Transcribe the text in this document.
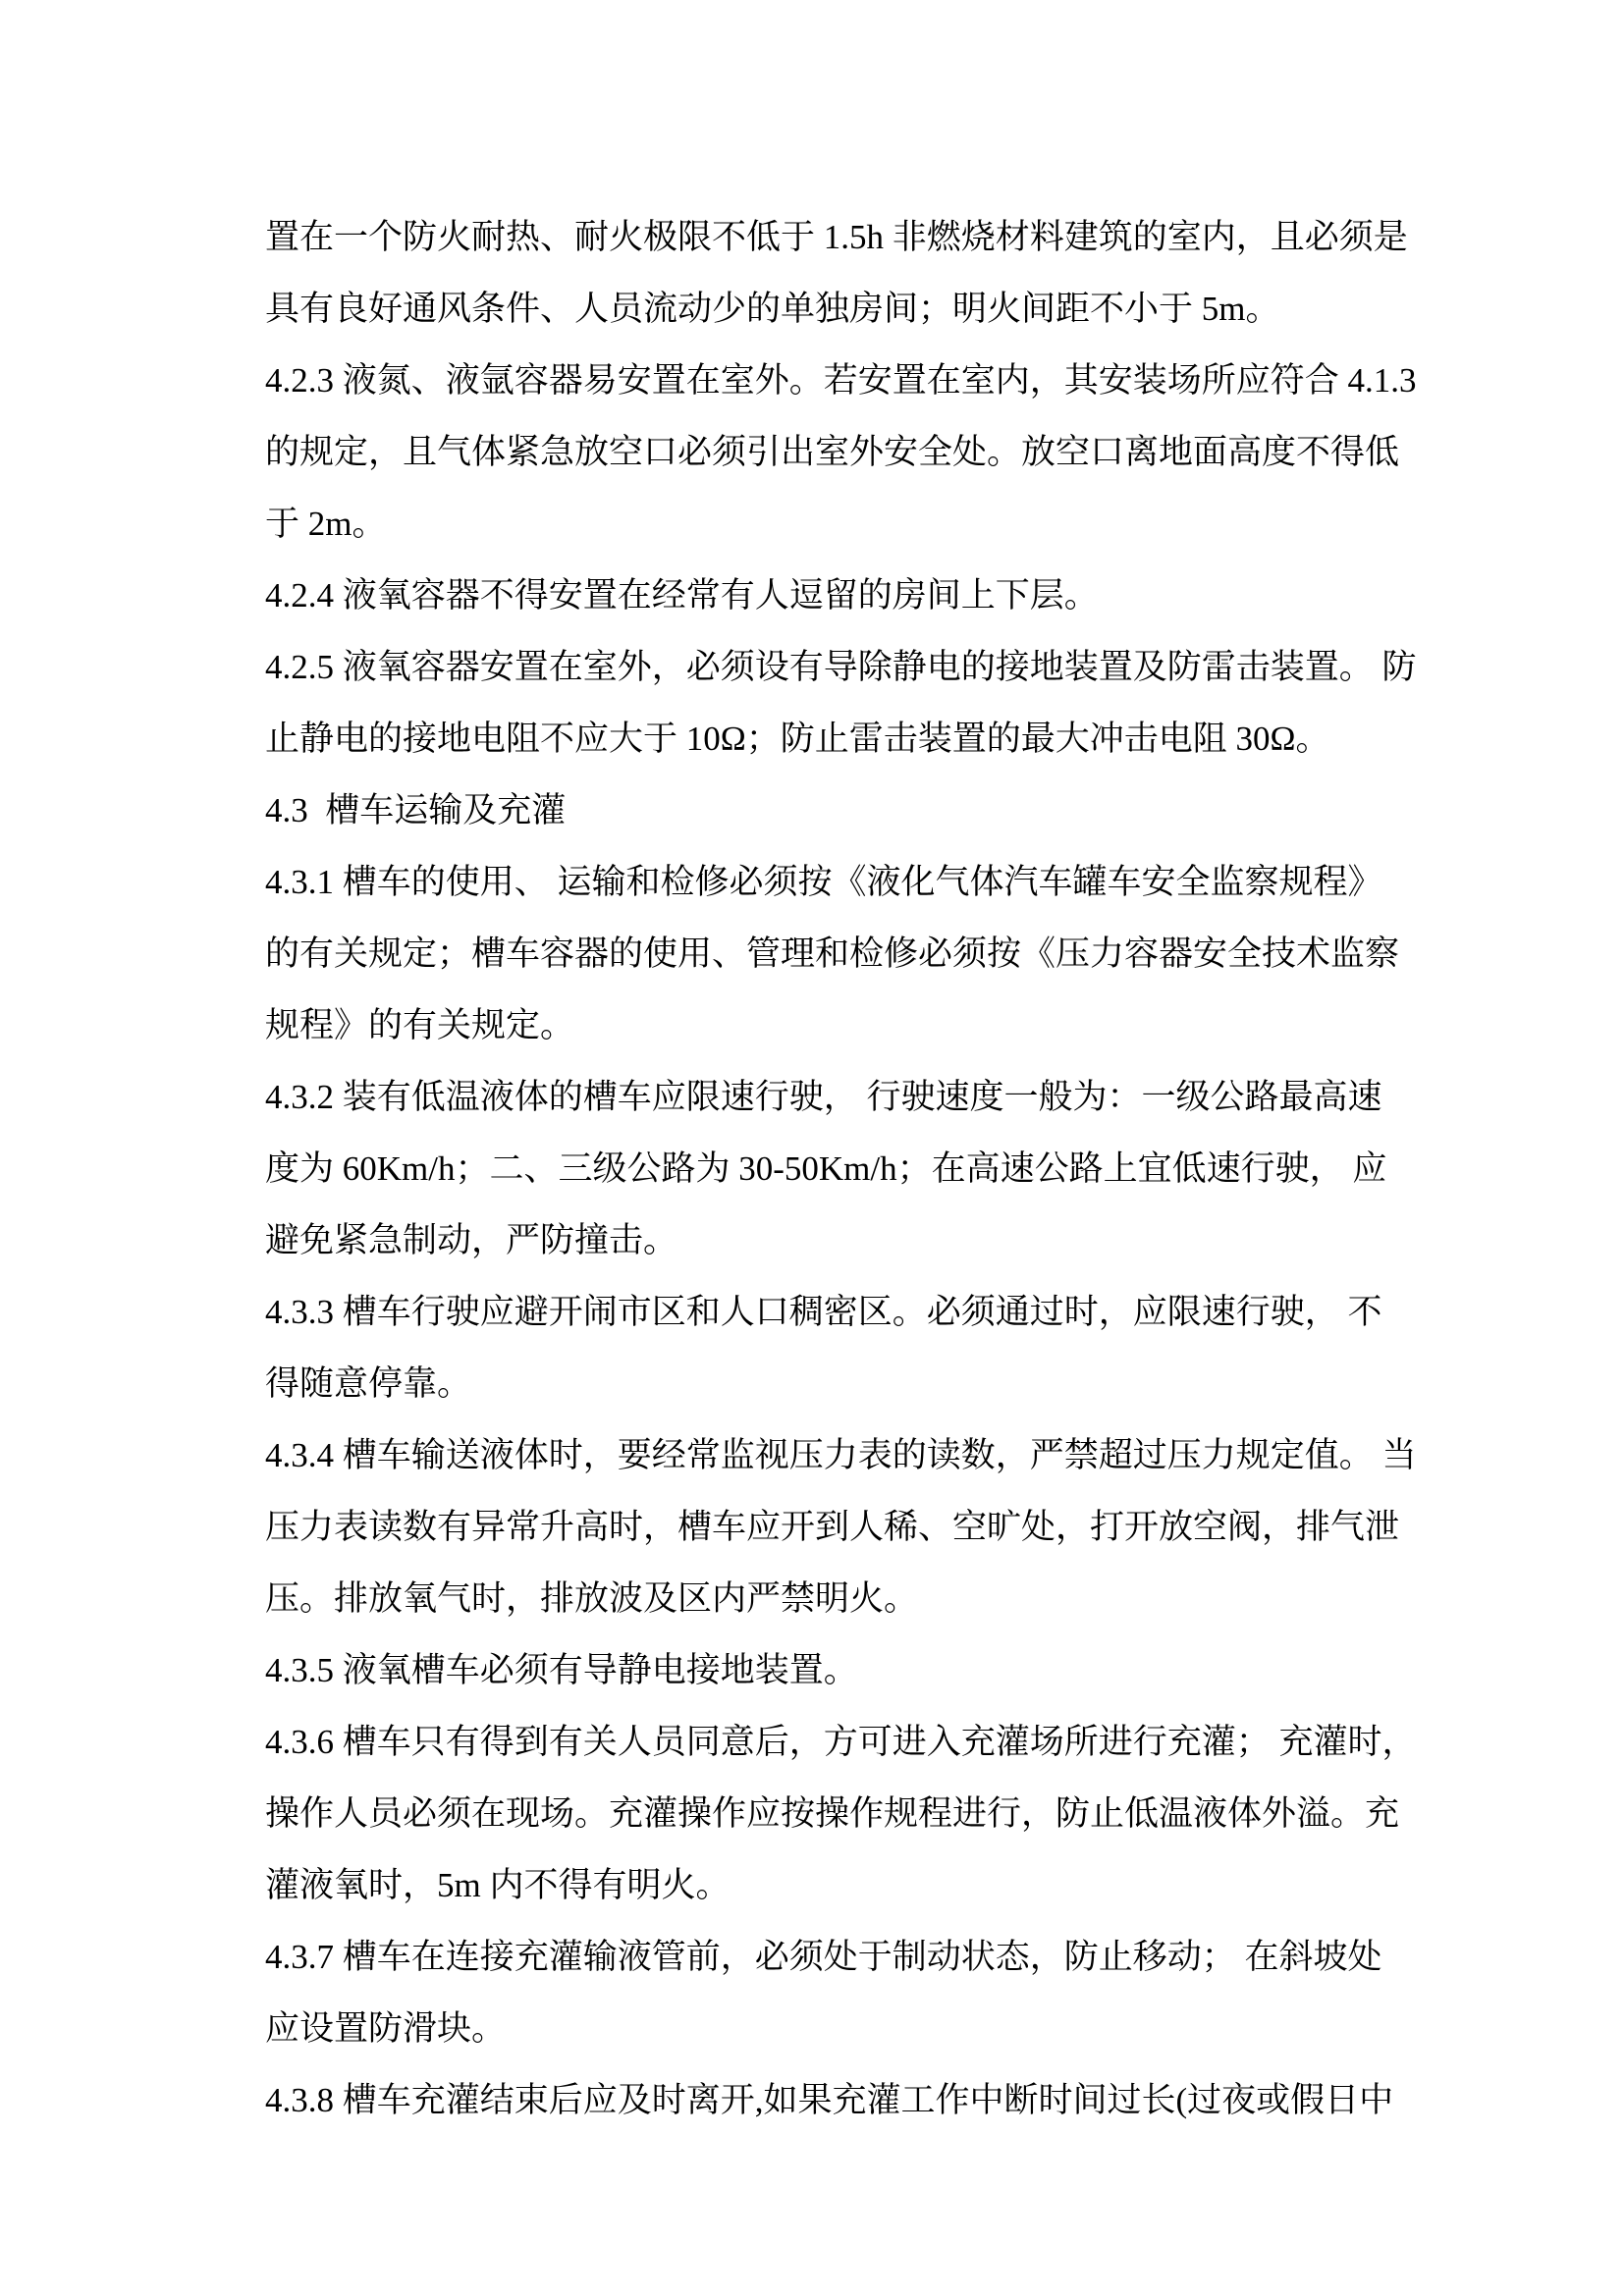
置在一个防火耐热、耐火极限不低于 1.5h 非燃烧材料建筑的室内，且必须是
具有良好通风条件、人员流动少的单独房间；明火间距不小于 5m。
4.2.3 液氮、液氩容器易安置在室外。若安置在室内，其安装场所应符合 4.1.3
的规定，且气体紧急放空口必须引出室外安全处。放空口离地面高度不得低
于 2m。
4.2.4 液氧容器不得安置在经常有人逗留的房间上下层。
4.2.5 液氧容器安置在室外，必须设有导除静电的接地装置及防雷击装置。 防
止静电的接地电阻不应大于 10Ω；防止雷击装置的最大冲击电阻 30Ω。
4.3  槽车运输及充灌
4.3.1 槽车的使用、 运输和检修必须按《液化气体汽车罐车安全监察规程》
的有关规定；槽车容器的使用、管理和检修必须按《压力容器安全技术监察
规程》的有关规定。
4.3.2 装有低温液体的槽车应限速行驶， 行驶速度一般为：一级公路最高速
度为 60Km/h；二、三级公路为 30-50Km/h；在高速公路上宜低速行驶， 应
避免紧急制动，严防撞击。
4.3.3 槽车行驶应避开闹市区和人口稠密区。必须通过时，应限速行驶， 不
得随意停靠。
4.3.4 槽车输送液体时，要经常监视压力表的读数，严禁超过压力规定值。 当
压力表读数有异常升高时，槽车应开到人稀、空旷处，打开放空阀，排气泄
压。排放氧气时，排放波及区内严禁明火。
4.3.5 液氧槽车必须有导静电接地装置。
4.3.6 槽车只有得到有关人员同意后，方可进入充灌场所进行充灌； 充灌时，
操作人员必须在现场。充灌操作应按操作规程进行，防止低温液体外溢。充
灌液氧时，5m 内不得有明火。
4.3.7 槽车在连接充灌输液管前，必须处于制动状态，防止移动； 在斜坡处
应设置防滑块。
4.3.8 槽车充灌结束后应及时离开,如果充灌工作中断时间过长(过夜或假日中
